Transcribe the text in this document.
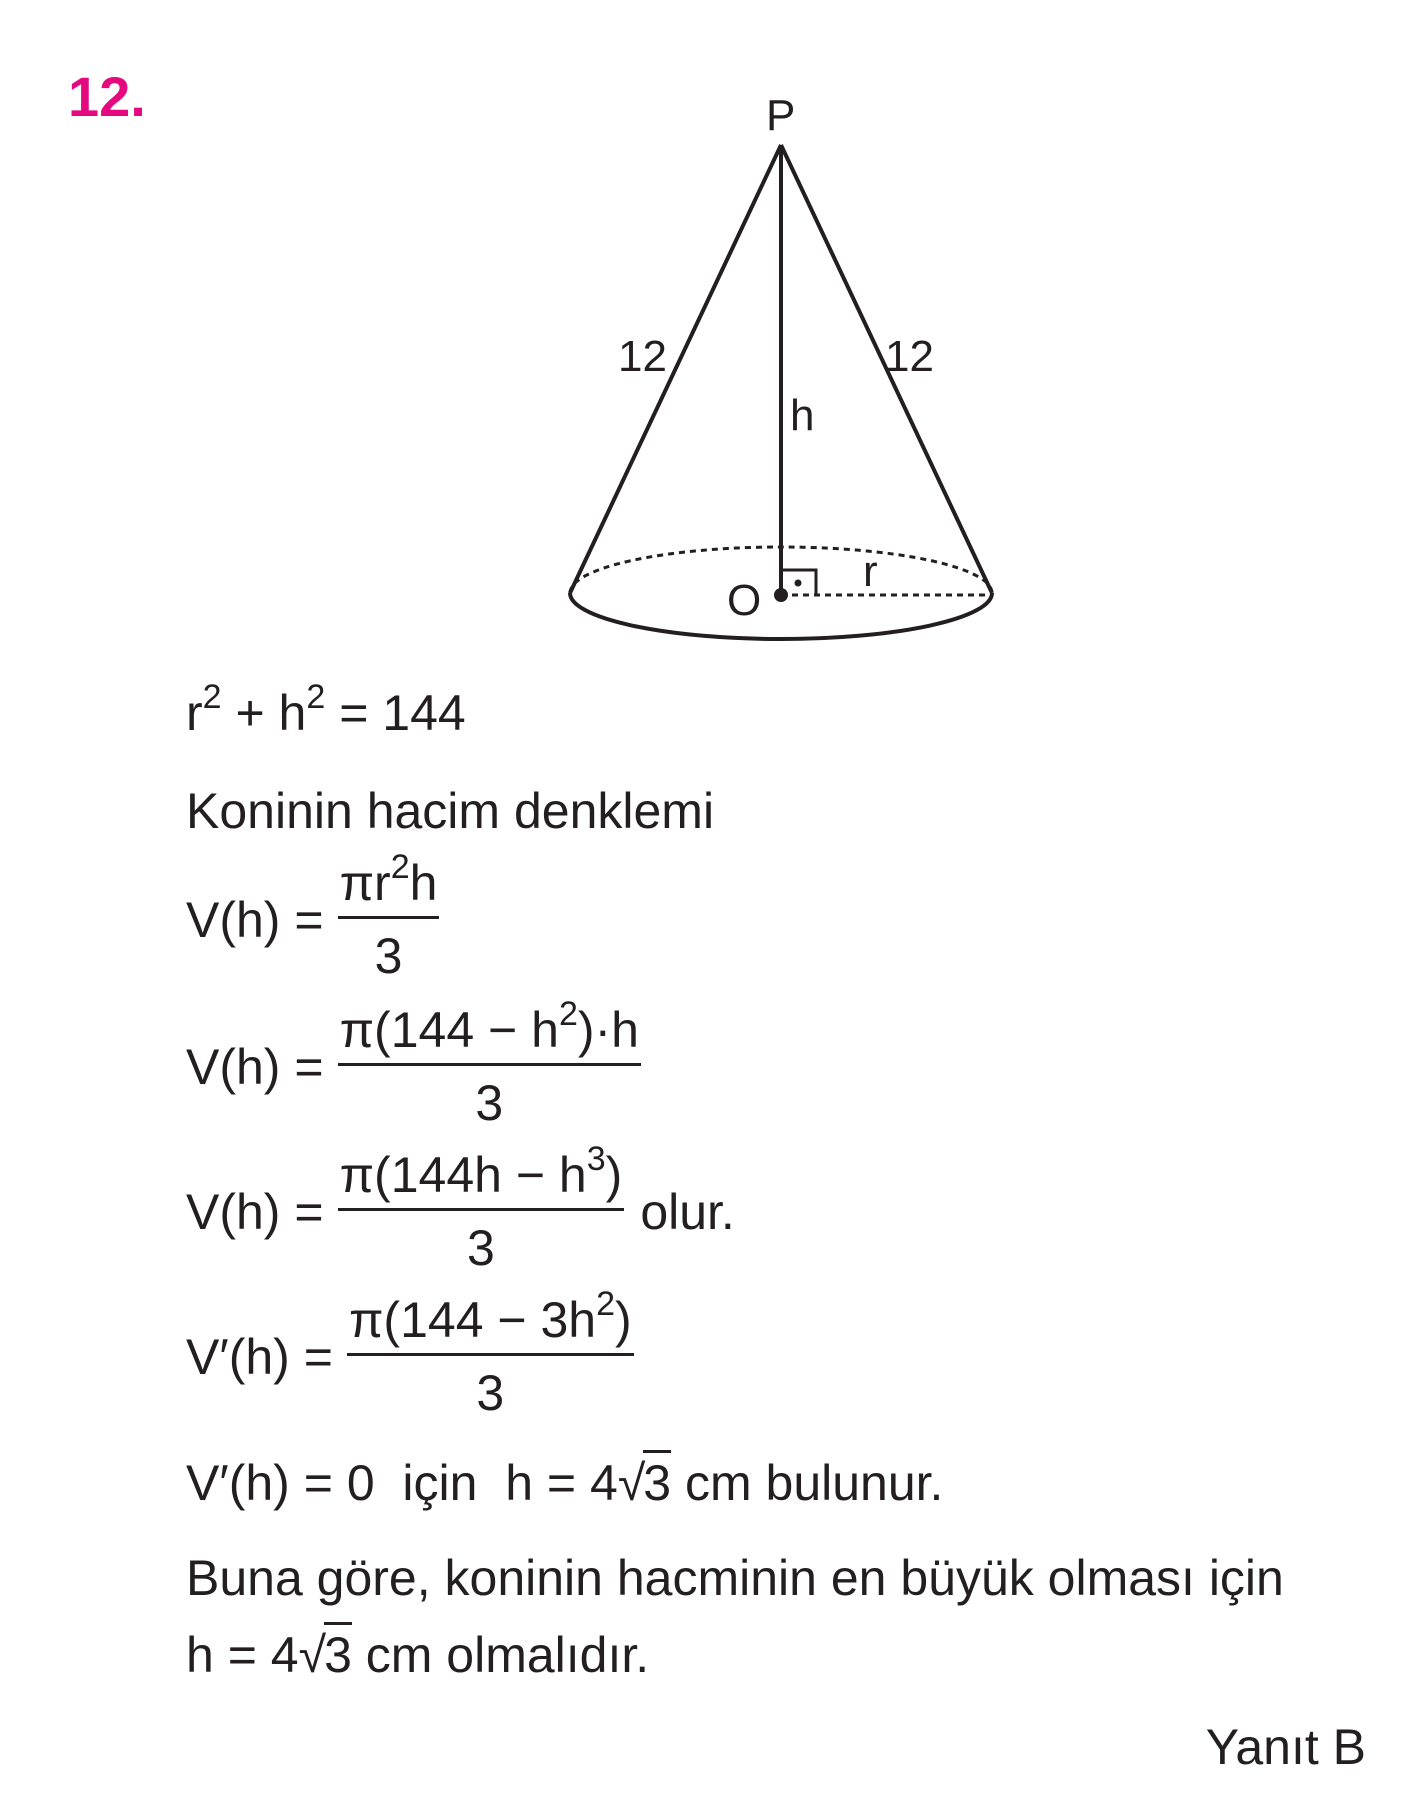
12.	P
12	12
h
O
r
$r^2 + h^2 = 144$
Koninin hacim denklemi
$V(h) = \frac{\pi r^2h}{3}$
$V(h) = \frac{\pi(144 - h^2)\cdot h}{3}$
$V(h) = \frac{\pi(144h - h^3)}{3}$ olur.
$V'(h) = \frac{\pi(144 - 3h^2)}{3}$
V′(h) = 0  için  h = 4√3 cm bulunur.
Buna göre, koninin hacminin en büyük olması için
h = 4√3 cm olmalıdır.
Yanıt B
